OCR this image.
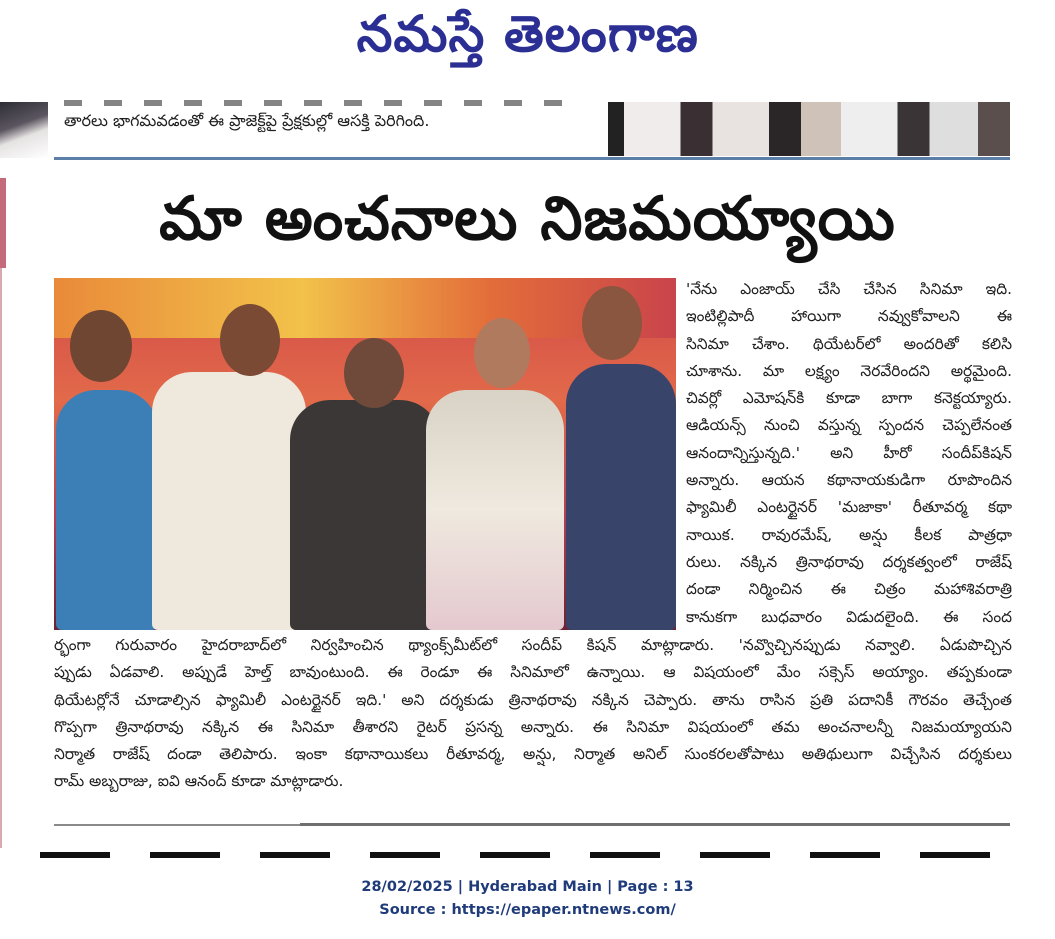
నమస్తే తెలంగాణ
తారలు భాగమవడంతో ఈ ప్రాజెక్ట్‌పై ప్రేక్షకుల్లో ఆసక్తి పెరిగింది.
మా అంచనాలు నిజమయ్యాయి
'నేను ఎంజాయ్ చేసి చేసిన సినిమా ఇది.
ఇంటిల్లిపాదీ హాయిగా నవ్వుకోవాలని ఈ
సినిమా చేశాం. థియేటర్‌లో అందరితో కలిసి
చూశాను. మా లక్ష్యం నెరవేరిందని అర్థమైంది.
చివర్లో ఎమోషన్‌కి కూడా బాగా కనెక్టయ్యారు.
ఆడియన్స్ నుంచి వస్తున్న స్పందన చెప్పలేనంత
ఆనందాన్నిస్తున్నది.' అని హీరో సందీప్‌కిషన్
అన్నారు. ఆయన కథానాయకుడిగా రూపొందిన
ఫ్యామిలీ ఎంటర్టైనర్ 'మజాకా' రీతూవర్మ కథా
నాయిక. రావురమేష్, అన్షు కీలక పాత్రధా
రులు. నక్కిన త్రినాథరావు దర్శకత్వంలో రాజేష్
దండా నిర్మించిన ఈ చిత్రం మహాశివరాత్రి
కానుకగా బుధవారం విడుదలైంది. ఈ సంద
ర్భంగా గురువారం హైదరాబాద్‌లో నిర్వహించిన థ్యాంక్స్‌మీట్‌లో సందీప్ కిషన్ మాట్లాడారు. 'నవ్వొచ్చినప్పుడు నవ్వాలి. ఏడుపొచ్చిన
ప్పుడు ఏడవాలి. అప్పుడే హెల్త్ బావుంటుంది. ఈ రెండూ ఈ సినిమాలో ఉన్నాయి. ఆ విషయంలో మేం సక్సెస్ అయ్యాం. తప్పకుండా
థియేటర్లోనే చూడాల్సిన ఫ్యామిలీ ఎంటర్టైనర్ ఇది.' అని దర్శకుడు త్రినాథరావు నక్కిన చెప్పారు. తాను రాసిన ప్రతి పదానికీ గౌరవం తెచ్చేంత
గొప్పగా త్రినాథరావు నక్కిన ఈ సినిమా తీశారని రైటర్ ప్రసన్న అన్నారు. ఈ సినిమా విషయంలో తమ అంచనాలన్నీ నిజమయ్యాయని
నిర్మాత రాజేష్ దండా తెలిపారు. ఇంకా కథానాయికలు రీతూవర్మ, అన్షు, నిర్మాత అనిల్ సుంకరలతోపాటు అతిథులుగా విచ్చేసిన దర్శకులు
రామ్ అబ్బరాజు, ఐవి ఆనంద్ కూడా మాట్లాడారు.
28/02/2025 | Hyderabad Main | Page : 13
Source : https://epaper.ntnews.com/
